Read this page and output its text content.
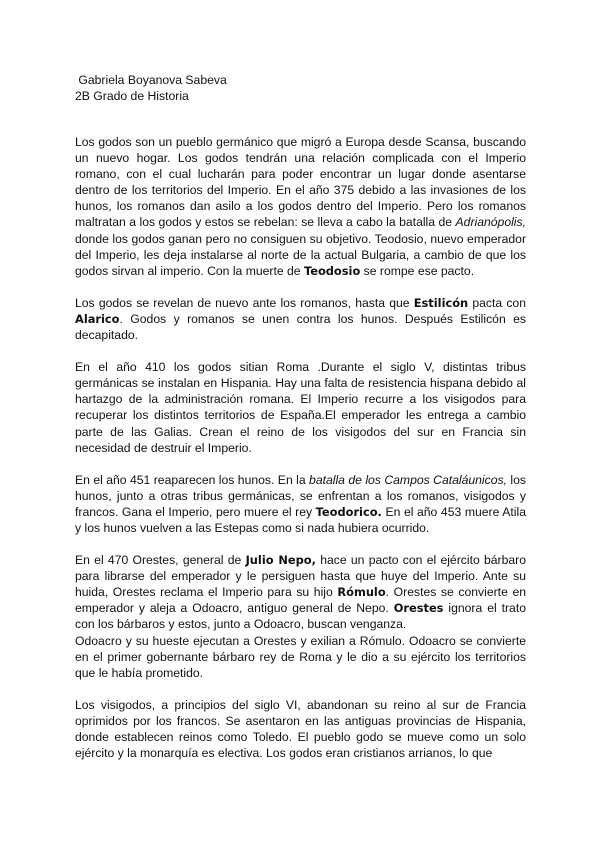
Gabriela Boyanova Sabeva
2B Grado de Historia

Los godos son un pueblo germánico que migró a Europa desde Scansa, buscando un nuevo hogar. Los godos tendrán una relación complicada con el Imperio romano, con el cual lucharán para poder encontrar un lugar donde asentarse dentro de los territorios del Imperio. En el año 375 debido a las invasiones de los hunos, los romanos dan asilo a los godos dentro del Imperio. Pero los romanos maltratan a los godos y estos se rebelan: se lleva a cabo la batalla de Adrianópolis, donde los godos ganan pero no consiguen su objetivo. Teodosio, nuevo emperador del Imperio, les deja instalarse al norte de la actual Bulgaria, a cambio de que los godos sirvan al imperio. Con la muerte de Teodosio se rompe ese pacto.

Los godos se revelan de nuevo ante los romanos, hasta que Estilicón pacta con Alarico. Godos y romanos se unen contra los hunos. Después Estilicón es decapitado.

En el año 410 los godos sitian Roma .Durante el siglo V, distintas tribus germánicas se instalan en Hispania. Hay una falta de resistencia hispana debido al hartazgo de la administración romana. El Imperio recurre a los visigodos para recuperar los distintos territorios de España.El emperador les entrega a cambio parte de las Galias. Crean el reino de los visigodos del sur en Francia sin necesidad de destruir el Imperio.

En el año 451 reaparecen los hunos. En la batalla de los Campos Cataláunicos, los hunos, junto a otras tribus germánicas, se enfrentan a los romanos, visigodos y francos. Gana el Imperio, pero muere el rey Teodorico. En el año 453 muere Atila y los hunos vuelven a las Estepas como si nada hubiera ocurrido.

En el 470 Orestes, general de Julio Nepo, hace un pacto con el ejército bárbaro para librarse del emperador y le persiguen hasta que huye del Imperio. Ante su huida, Orestes reclama el Imperio para su hijo Rómulo. Orestes se convierte en emperador y aleja a Odoacro, antiguo general de Nepo. Orestes ignora el trato con los bárbaros y estos, junto a Odoacro, buscan venganza.

Odoacro y su hueste ejecutan a Orestes y exilian a Rómulo. Odoacro se convierte en el primer gobernante bárbaro rey de Roma y le dio a su ejército los territorios que le había prometido.

Los visigodos, a principios del siglo VI, abandonan su reino al sur de Francia oprimidos por los francos. Se asentaron en las antiguas provincias de Hispania, donde establecen reinos como Toledo. El pueblo godo se mueve como un solo ejército y la monarquía es electiva. Los godos eran cristianos arrianos, lo que
